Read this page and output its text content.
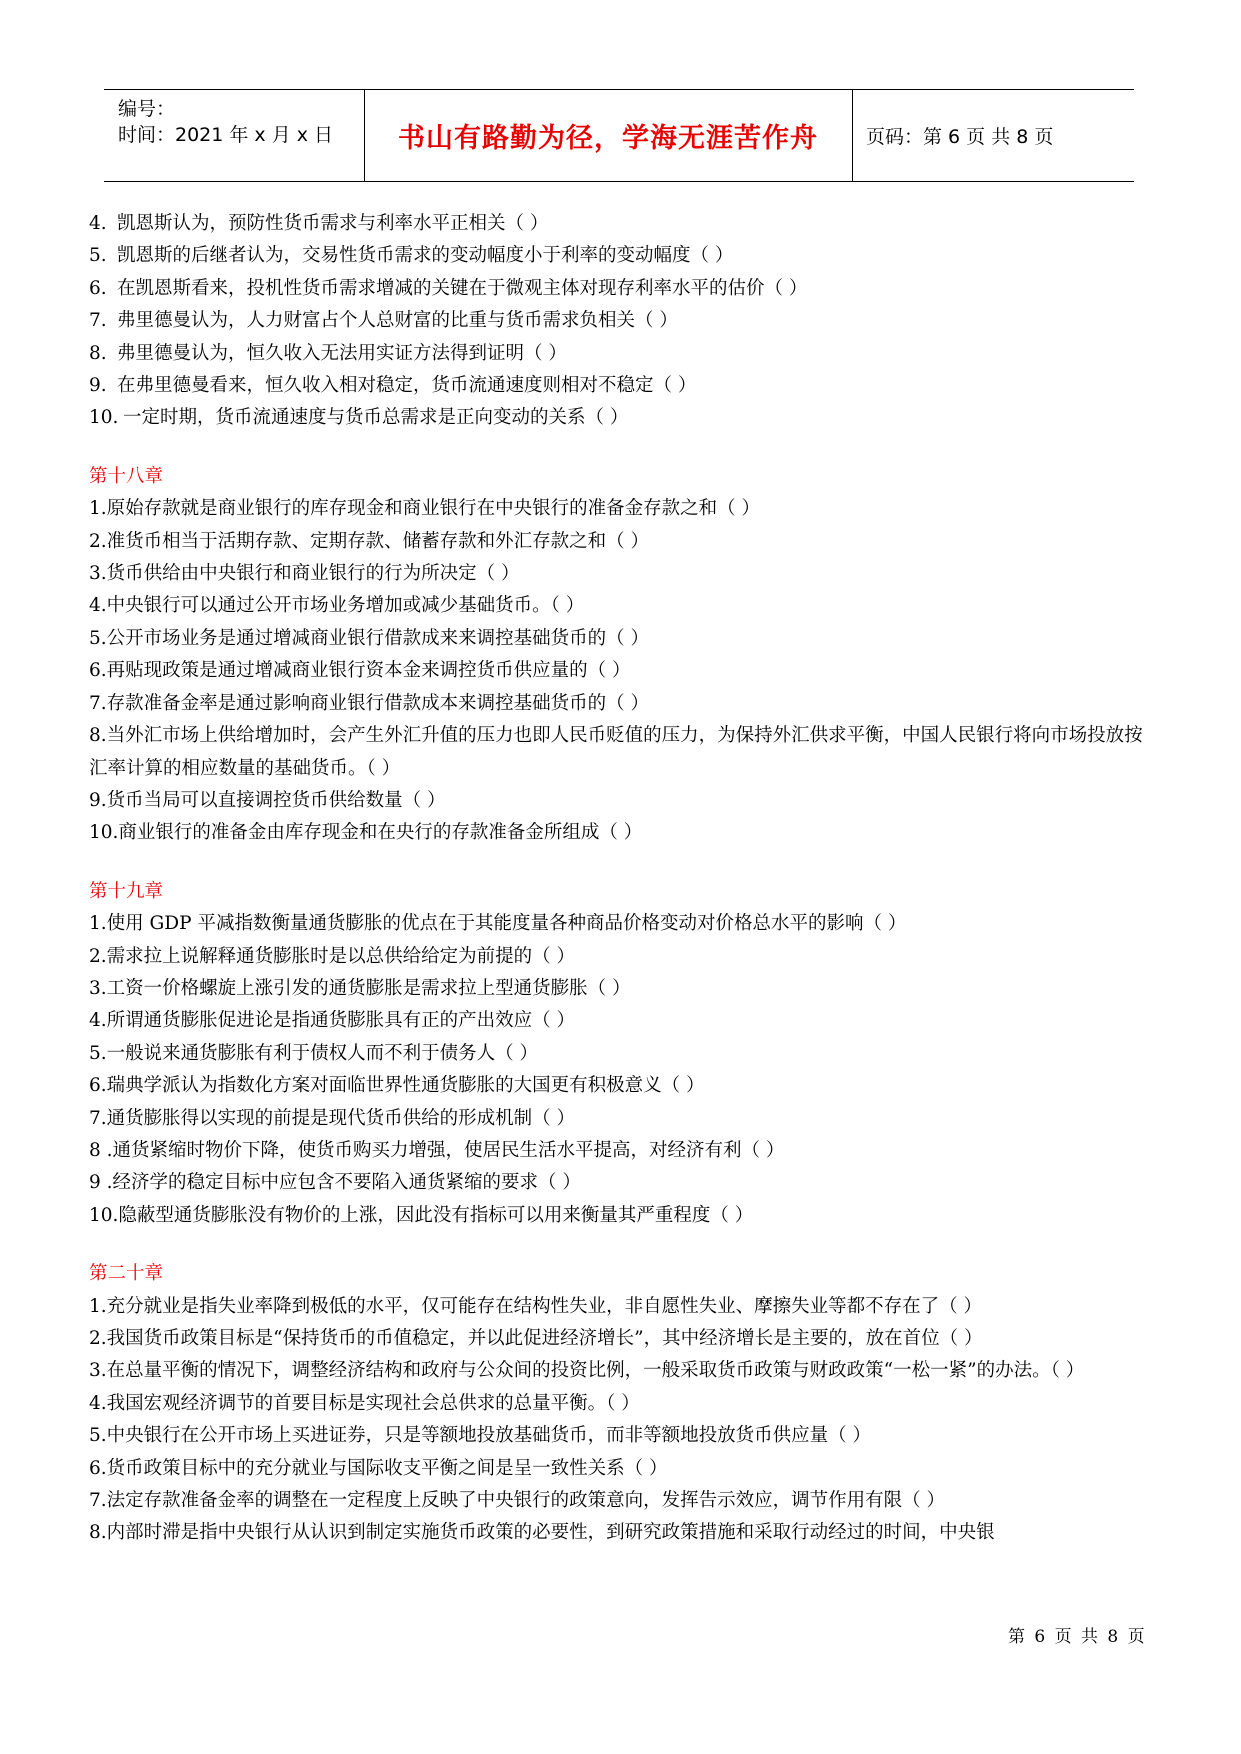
编号：
时间：2021 年 x 月 x 日	书山有路勤为径，学海无涯苦作舟	页码：第 6 页 共 8 页
4. 凯恩斯认为，预防性货币需求与利率水平正相关（ ）
5. 凯恩斯的后继者认为，交易性货币需求的变动幅度小于利率的变动幅度（ ）
6. 在凯恩斯看来，投机性货币需求增减的关键在于微观主体对现存利率水平的估价（ ）
7. 弗里德曼认为，人力财富占个人总财富的比重与货币需求负相关（ ）
8. 弗里德曼认为，恒久收入无法用实证方法得到证明（ ）
9. 在弗里德曼看来，恒久收入相对稳定，货币流通速度则相对不稳定（ ）
10. 一定时期，货币流通速度与货币总需求是正向变动的关系（ ）
第十八章
1.原始存款就是商业银行的库存现金和商业银行在中央银行的准备金存款之和（ ）
2.准货币相当于活期存款、定期存款、储蓄存款和外汇存款之和（ ）
3.货币供给由中央银行和商业银行的行为所决定（ ）
4.中央银行可以通过公开市场业务增加或减少基础货币。（ ）
5.公开市场业务是通过增减商业银行借款成来来调控基础货币的（ ）
6.再贴现政策是通过增减商业银行资本金来调控货币供应量的（ ）
7.存款准备金率是通过影响商业银行借款成本来调控基础货币的（ ）
8.当外汇市场上供给增加时，会产生外汇升值的压力也即人民币贬值的压力，为保持外汇供求平衡，中国人民银行将向市场投放按汇率计算的相应数量的基础货币。（ ）
9.货币当局可以直接调控货币供给数量（ ）
10.商业银行的准备金由库存现金和在央行的存款准备金所组成（ ）
第十九章
1.使用 GDP 平减指数衡量通货膨胀的优点在于其能度量各种商品价格变动对价格总水平的影响（ ）
2.需求拉上说解释通货膨胀时是以总供给给定为前提的（ ）
3.工资一价格螺旋上涨引发的通货膨胀是需求拉上型通货膨胀（ ）
4.所谓通货膨胀促进论是指通货膨胀具有正的产出效应（ ）
5.一般说来通货膨胀有利于债权人而不利于债务人（ ）
6.瑞典学派认为指数化方案对面临世界性通货膨胀的大国更有积极意义（ ）
7.通货膨胀得以实现的前提是现代货币供给的形成机制（ ）
8 .通货紧缩时物价下降，使货币购买力增强，使居民生活水平提高，对经济有利（ ）
9 .经济学的稳定目标中应包含不要陷入通货紧缩的要求（ ）
10.隐蔽型通货膨胀没有物价的上涨，因此没有指标可以用来衡量其严重程度（ ）
第二十章
1.充分就业是指失业率降到极低的水平，仅可能存在结构性失业，非自愿性失业、摩擦失业等都不存在了（ ）
2.我国货币政策目标是“保持货币的币值稳定，并以此促进经济增长”，其中经济增长是主要的，放在首位（ ）
3.在总量平衡的情况下，调整经济结构和政府与公众间的投资比例，一般采取货币政策与财政政策“一松一紧”的办法。（ ）
4.我国宏观经济调节的首要目标是实现社会总供求的总量平衡。（ ）
5.中央银行在公开市场上买进证券，只是等额地投放基础货币，而非等额地投放货币供应量（ ）
6.货币政策目标中的充分就业与国际收支平衡之间是呈一致性关系（ ）
7.法定存款准备金率的调整在一定程度上反映了中央银行的政策意向，发挥告示效应，调节作用有限（ ）
8.内部时滞是指中央银行从认识到制定实施货币政策的必要性，到研究政策措施和采取行动经过的时间，中央银
第 6 页 共 8 页
